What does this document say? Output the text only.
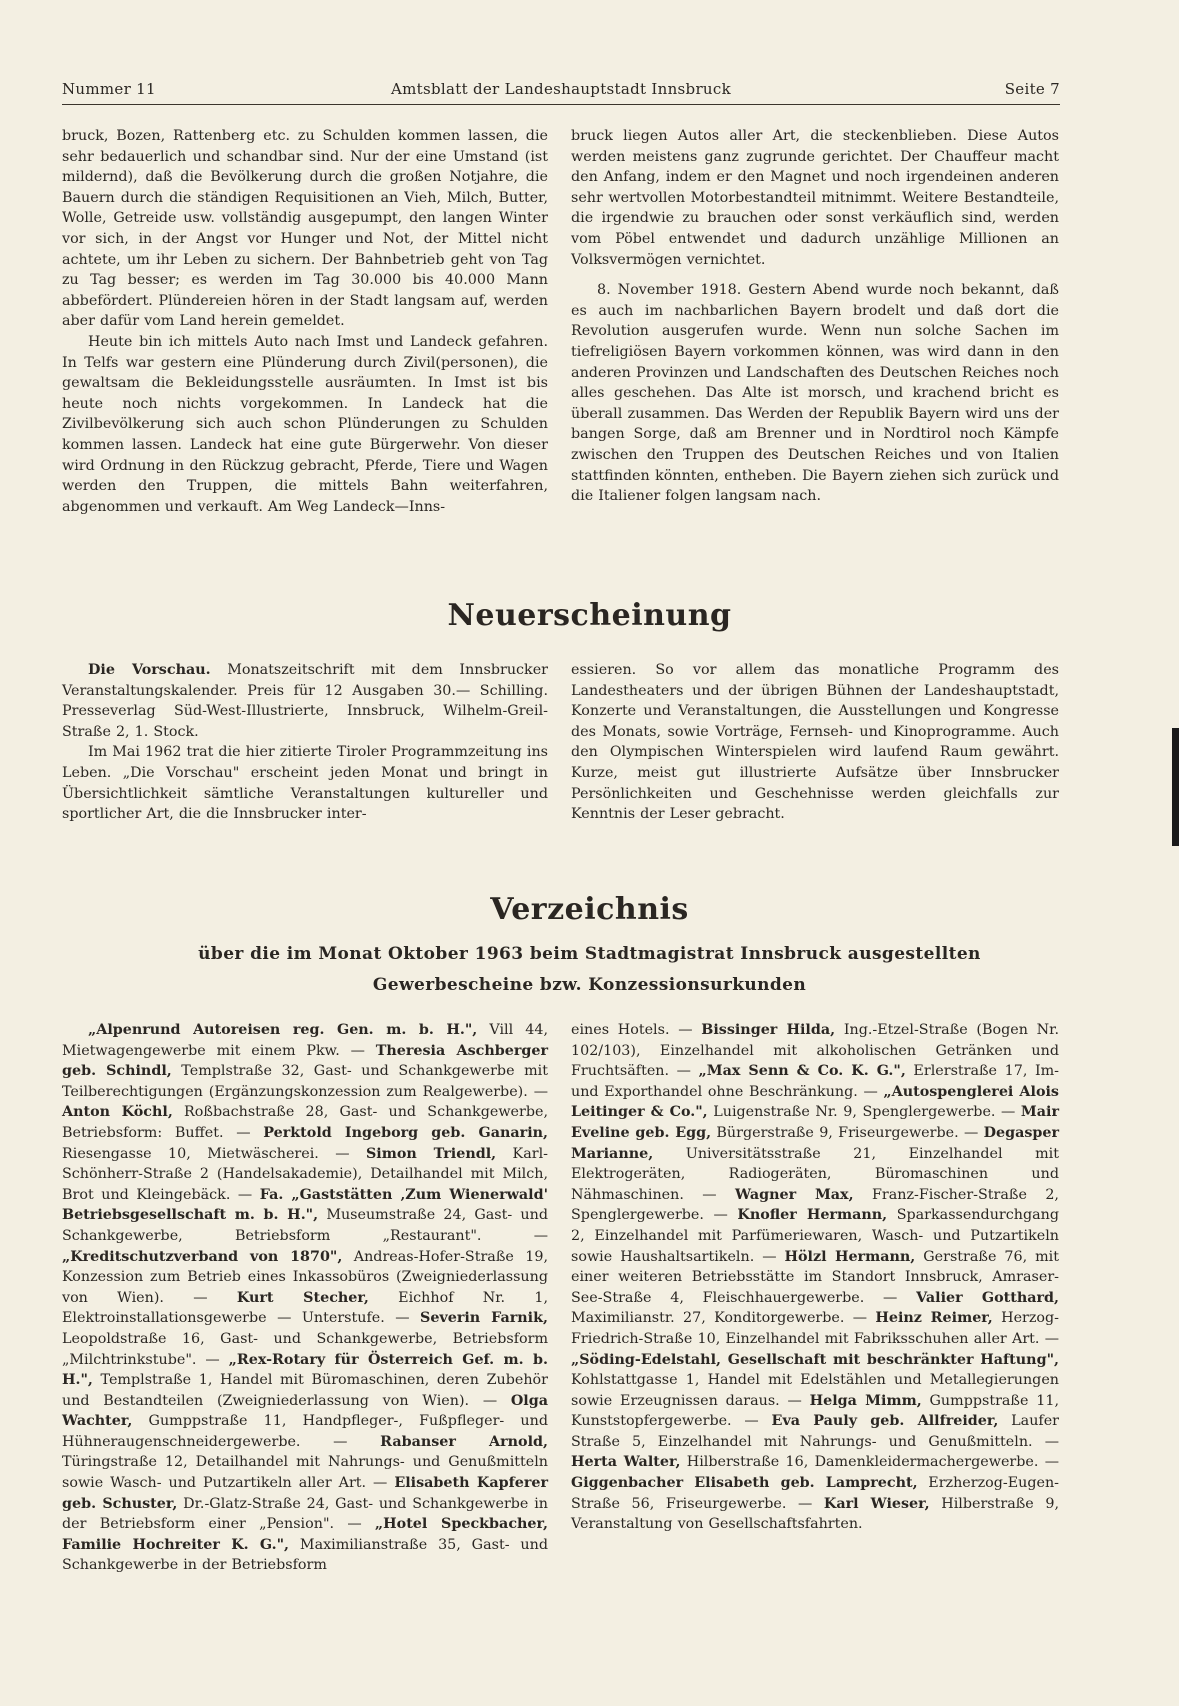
Nummer 11	Amtsblatt der Landeshauptstadt Innsbruck	Seite 7

bruck, Bozen, Rattenberg etc. zu Schulden kommen lassen, die sehr bedauerlich und schandbar sind. Nur der eine Umstand (ist mildernd), daß die Bevölkerung durch die großen Notjahre, die Bauern durch die ständigen Requisitionen an Vieh, Milch, Butter, Wolle, Getreide usw. vollständig ausgepumpt, den langen Winter vor sich, in der Angst vor Hunger und Not, der Mittel nicht achtete, um ihr Leben zu sichern. Der Bahnbetrieb geht von Tag zu Tag besser; es werden im Tag 30.000 bis 40.000 Mann abbefördert. Plündereien hören in der Stadt langsam auf, werden aber dafür vom Land herein gemeldet.

Heute bin ich mittels Auto nach Imst und Landeck gefahren. In Telfs war gestern eine Plünderung durch Zivil(personen), die gewaltsam die Bekleidungsstelle ausräumten. In Imst ist bis heute noch nichts vorgekommen. In Landeck hat die Zivilbevölkerung sich auch schon Plünderungen zu Schulden kommen lassen. Landeck hat eine gute Bürgerwehr. Von dieser wird Ordnung in den Rückzug gebracht, Pferde, Tiere und Wagen werden den Truppen, die mittels Bahn weiterfahren, abgenommen und verkauft. Am Weg Landeck—Inns-

bruck liegen Autos aller Art, die steckenblieben. Diese Autos werden meistens ganz zugrunde gerichtet. Der Chauffeur macht den Anfang, indem er den Magnet und noch irgendeinen anderen sehr wertvollen Motorbestandteil mitnimmt. Weitere Bestandteile, die irgendwie zu brauchen oder sonst verkäuflich sind, werden vom Pöbel entwendet und dadurch unzählige Millionen an Volksvermögen vernichtet.

8. November 1918. Gestern Abend wurde noch bekannt, daß es auch im nachbarlichen Bayern brodelt und daß dort die Revolution ausgerufen wurde. Wenn nun solche Sachen im tiefreligiösen Bayern vorkommen können, was wird dann in den anderen Provinzen und Landschaften des Deutschen Reiches noch alles geschehen. Das Alte ist morsch, und krachend bricht es überall zusammen. Das Werden der Republik Bayern wird uns der bangen Sorge, daß am Brenner und in Nordtirol noch Kämpfe zwischen den Truppen des Deutschen Reiches und von Italien stattfinden könnten, entheben. Die Bayern ziehen sich zurück und die Italiener folgen langsam nach.

Neuerscheinung

Die Vorschau. Monatszeitschrift mit dem Innsbrucker Veranstaltungskalender. Preis für 12 Ausgaben 30.— Schilling. Presseverlag Süd-West-Illustrierte, Innsbruck, Wilhelm-Greil-Straße 2, 1. Stock.

Im Mai 1962 trat die hier zitierte Tiroler Programmzeitung ins Leben. „Die Vorschau" erscheint jeden Monat und bringt in Übersichtlichkeit sämtliche Veranstaltungen kultureller und sportlicher Art, die die Innsbrucker inter-

essieren. So vor allem das monatliche Programm des Landestheaters und der übrigen Bühnen der Landeshauptstadt, Konzerte und Veranstaltungen, die Ausstellungen und Kongresse des Monats, sowie Vorträge, Fernseh- und Kinoprogramme. Auch den Olympischen Winterspielen wird laufend Raum gewährt. Kurze, meist gut illustrierte Aufsätze über Innsbrucker Persönlichkeiten und Geschehnisse werden gleichfalls zur Kenntnis der Leser gebracht.

Verzeichnis
über die im Monat Oktober 1963 beim Stadtmagistrat Innsbruck ausgestellten
Gewerbescheine bzw. Konzessionsurkunden

„Alpenrund Autoreisen reg. Gen. m. b. H.", Vill 44, Mietwagengewerbe mit einem Pkw. — Theresia Aschberger geb. Schindl, Templstraße 32, Gast- und Schankgewerbe mit Teilberechtigungen (Ergänzungskonzession zum Realgewerbe). — Anton Köchl, Roßbachstraße 28, Gast- und Schankgewerbe, Betriebsform: Buffet. — Perktold Ingeborg geb. Ganarin, Riesengasse 10, Mietwäscherei. — Simon Triendl, Karl-Schönherr-Straße 2 (Handelsakademie), Detailhandel mit Milch, Brot und Kleingebäck. — Fa. „Gaststätten ‚Zum Wienerwald' Betriebsgesellschaft m. b. H.", Museumstraße 24, Gast- und Schankgewerbe, Betriebsform „Restaurant". — „Kreditschutzverband von 1870", Andreas-Hofer-Straße 19, Konzession zum Betrieb eines Inkassobüros (Zweigniederlassung von Wien). — Kurt Stecher, Eichhof Nr. 1, Elektroinstallationsgewerbe — Unterstufe. — Severin Farnik, Leopoldstraße 16, Gast- und Schankgewerbe, Betriebsform „Milchtrinkstube". — „Rex-Rotary für Österreich Gef. m. b. H.", Templstraße 1, Handel mit Büromaschinen, deren Zubehör und Bestandteilen (Zweigniederlassung von Wien). — Olga Wachter, Gumppstraße 11, Handpfleger-, Fußpfleger- und Hühneraugenschneidergewerbe. — Rabanser Arnold, Türingstraße 12, Detailhandel mit Nahrungs- und Genußmitteln sowie Wasch- und Putzartikeln aller Art. — Elisabeth Kapferer geb. Schuster, Dr.-Glatz-Straße 24, Gast- und Schankgewerbe in der Betriebsform einer „Pension". — „Hotel Speckbacher, Familie Hochreiter K. G.", Maximilianstraße 35, Gast- und Schankgewerbe in der Betriebsform

eines Hotels. — Bissinger Hilda, Ing.-Etzel-Straße (Bogen Nr. 102/103), Einzelhandel mit alkoholischen Getränken und Fruchtsäften. — „Max Senn & Co. K. G.", Erlerstraße 17, Im- und Exporthandel ohne Beschränkung. — „Autospenglerei Alois Leitinger & Co.", Luigenstraße Nr. 9, Spenglergewerbe. — Mair Eveline geb. Egg, Bürgerstraße 9, Friseurgewerbe. — Degasper Marianne, Universitätsstraße 21, Einzelhandel mit Elektrogeräten, Radiogeräten, Büromaschinen und Nähmaschinen. — Wagner Max, Franz-Fischer-Straße 2, Spenglergewerbe. — Knofler Hermann, Sparkassendurchgang 2, Einzelhandel mit Parfümeriewaren, Wasch- und Putzartikeln sowie Haushaltsartikeln. — Hölzl Hermann, Gerstraße 76, mit einer weiteren Betriebsstätte im Standort Innsbruck, Amraser-See-Straße 4, Fleischhauergewerbe. — Valier Gotthard, Maximilianstr. 27, Konditorgewerbe. — Heinz Reimer, Herzog-Friedrich-Straße 10, Einzelhandel mit Fabriksschuhen aller Art. — „Söding-Edelstahl, Gesellschaft mit beschränkter Haftung", Kohlstattgasse 1, Handel mit Edelstählen und Metallegierungen sowie Erzeugnissen daraus. — Helga Mimm, Gumppstraße 11, Kunststopfergewerbe. — Eva Pauly geb. Allfreider, Laufer Straße 5, Einzelhandel mit Nahrungs- und Genußmitteln. — Herta Walter, Hilberstraße 16, Damenkleidermachergewerbe. — Giggenbacher Elisabeth geb. Lamprecht, Erzherzog-Eugen-Straße 56, Friseurgewerbe. — Karl Wieser, Hilberstraße 9, Veranstaltung von Gesellschaftsfahrten.
